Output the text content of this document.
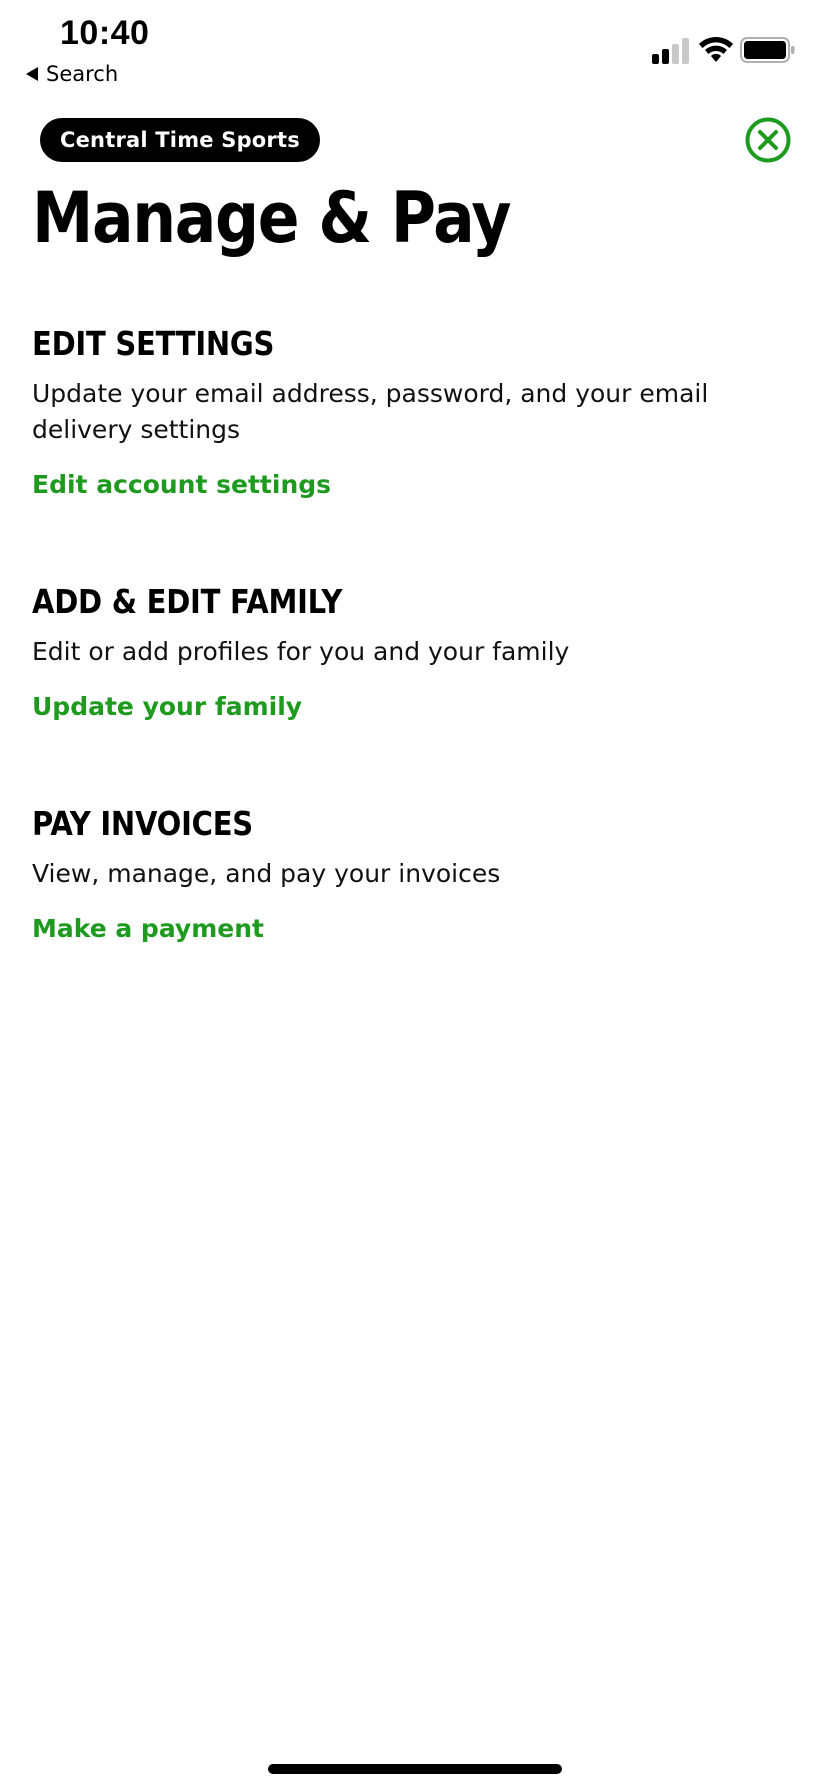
10:40
Search
Central Time Sports
Manage & Pay
EDIT SETTINGS

Update your email address, password, and your email delivery settings

Edit account settings
ADD & EDIT FAMILY

Edit or add profiles for you and your family

Update your family
PAY INVOICES

View, manage, and pay your invoices

Make a payment
